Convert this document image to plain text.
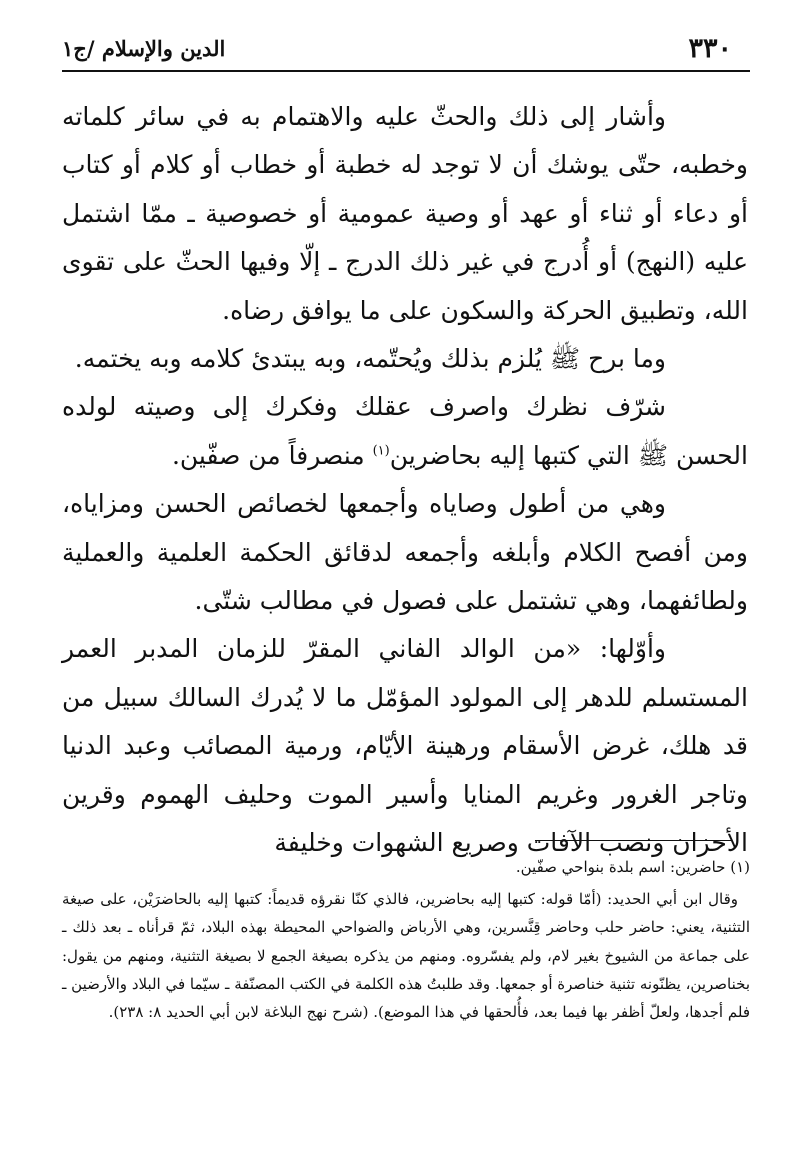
٣٣٠
الدين والإسلام /ج١

وأشار إلى ذلك والحثّ عليه والاهتمام به في سائر كلماته وخطبه، حتّى يوشك أن لا توجد له خطبة أو خطاب أو كلام أو كتاب أو دعاء أو ثناء أو عهد أو وصية عمومية أو خصوصية ـ ممّا اشتمل عليه (النهج) أو أُدرج في غير ذلك الدرج ـ إلّا وفيها الحثّ على تقوى الله، وتطبيق الحركة والسكون على ما يوافق رضاه.

وما برح ﷺ يُلزم بذلك ويُحتّمه، وبه يبتدئ كلامه وبه يختمه.

شرّف نظرك واصرف عقلك وفكرك إلى وصيته لولده الحسن ﷺ التي كتبها إليه بحاضرين$^{(١)}$ منصرفاً من صفّين.

وهي من أطول وصاياه وأجمعها لخصائص الحسن ومزاياه، ومن أفصح الكلام وأبلغه وأجمعه لدقائق الحكمة العلمية والعملية ولطائفهما، وهي تشتمل على فصول في مطالب شتّى.

وأوّلها: «من الوالد الفاني المقرّ للزمان المدبر العمر المستسلم للدهر إلى المولود المؤمّل ما لا يُدرك السالك سبيل من قد هلك، غرض الأسقام ورهينة الأيّام، ورمية المصائب وعبد الدنيا وتاجر الغرور وغريم المنايا وأسير الموت وحليف الهموم وقرين الأحزان ونصب الآفات وصريع الشهوات وخليفة

(١) حاضرين: اسم بلدة بنواحي صفّين.

وقال ابن أبي الحديد: (أمّا قوله: كتبها إليه بحاضرين، فالذي كنّا نقرؤه قديماً: كتبها إليه بالحاضرَيْن، على صيغة التثنية، يعني: حاضر حلب وحاضر قِنَّسرين، وهي الأرباض والضواحي المحيطة بهذه البلاد، ثمّ قرأناه ـ بعد ذلك ـ على جماعة من الشيوخ بغير لام، ولم يفسّروه. ومنهم من يذكره بصيغة الجمع لا بصيغة التثنية، ومنهم من يقول: بخناصرين، يظنّونه تثنية خناصرة أو جمعها. وقد طلبتُ هذه الكلمة في الكتب المصنّفة ـ سيّما في البلاد والأرضين ـ فلم أجدها، ولعلّ أظفر بها فيما بعد، فأُلحقها في هذا الموضع). (شرح نهج البلاغة لابن أبي الحديد ٨: ٢٣٨).
